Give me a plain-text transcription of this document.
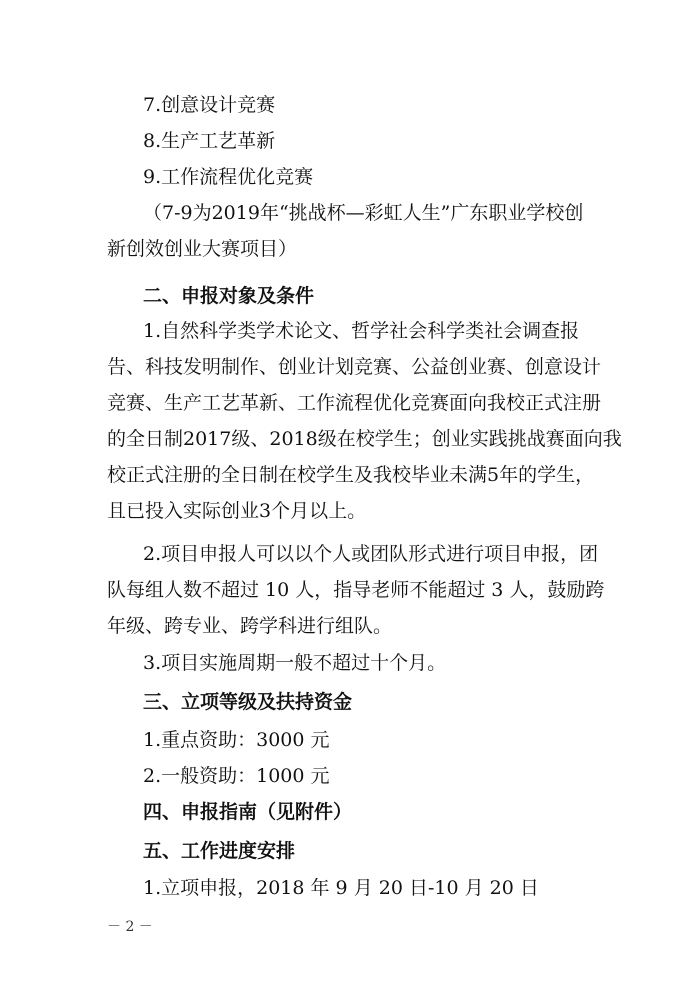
7.创意设计竞赛
8.生产工艺革新
9.工作流程优化竞赛
（7-9为2019年“挑战杯—彩虹人生”广东职业学校创
新创效创业大赛项目）
二、申报对象及条件
1.自然科学类学术论文、哲学社会科学类社会调查报
告、科技发明制作、创业计划竞赛、公益创业赛、创意设计
竞赛、生产工艺革新、工作流程优化竞赛面向我校正式注册
的全日制2017级、2018级在校学生；创业实践挑战赛面向我
校正式注册的全日制在校学生及我校毕业未满5年的学生，
且已投入实际创业3个月以上。
2.项目申报人可以以个人或团队形式进行项目申报，团
队每组人数不超过 10 人，指导老师不能超过 3 人，鼓励跨
年级、跨专业、跨学科进行组队。
3.项目实施周期一般不超过十个月。
三、立项等级及扶持资金
1.重点资助：3000 元
2.一般资助：1000 元
四、申报指南（见附件）
五、工作进度安排
1.立项申报，2018 年 9 月 20 日-10 月 20 日
－ 2 －
